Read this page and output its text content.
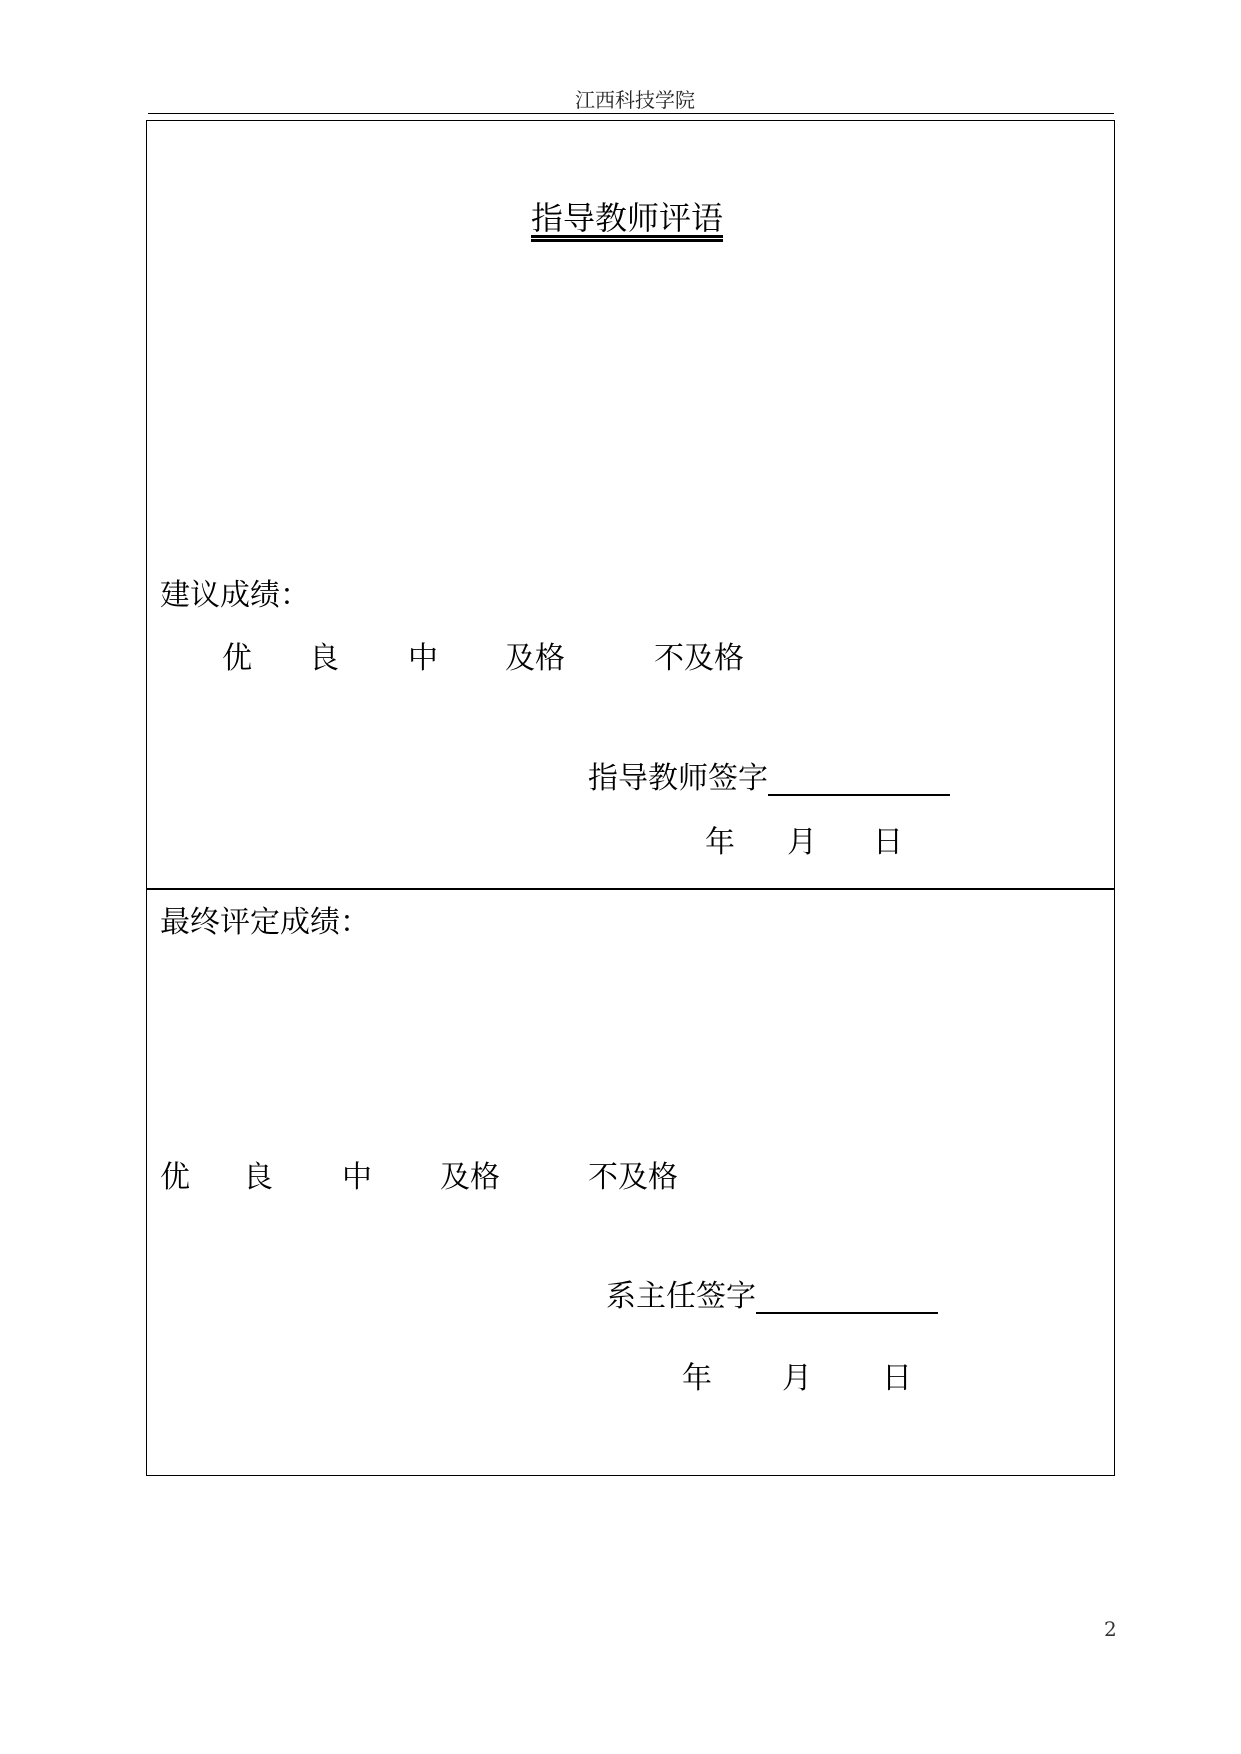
江西科技学院
指导教师评语
建议成绩：
优 良 中 及格	不及格
指导教师签字
年 月 日
最终评定成绩：
优 良 中 及格	不及格
系主任签字
年 月 日
2
